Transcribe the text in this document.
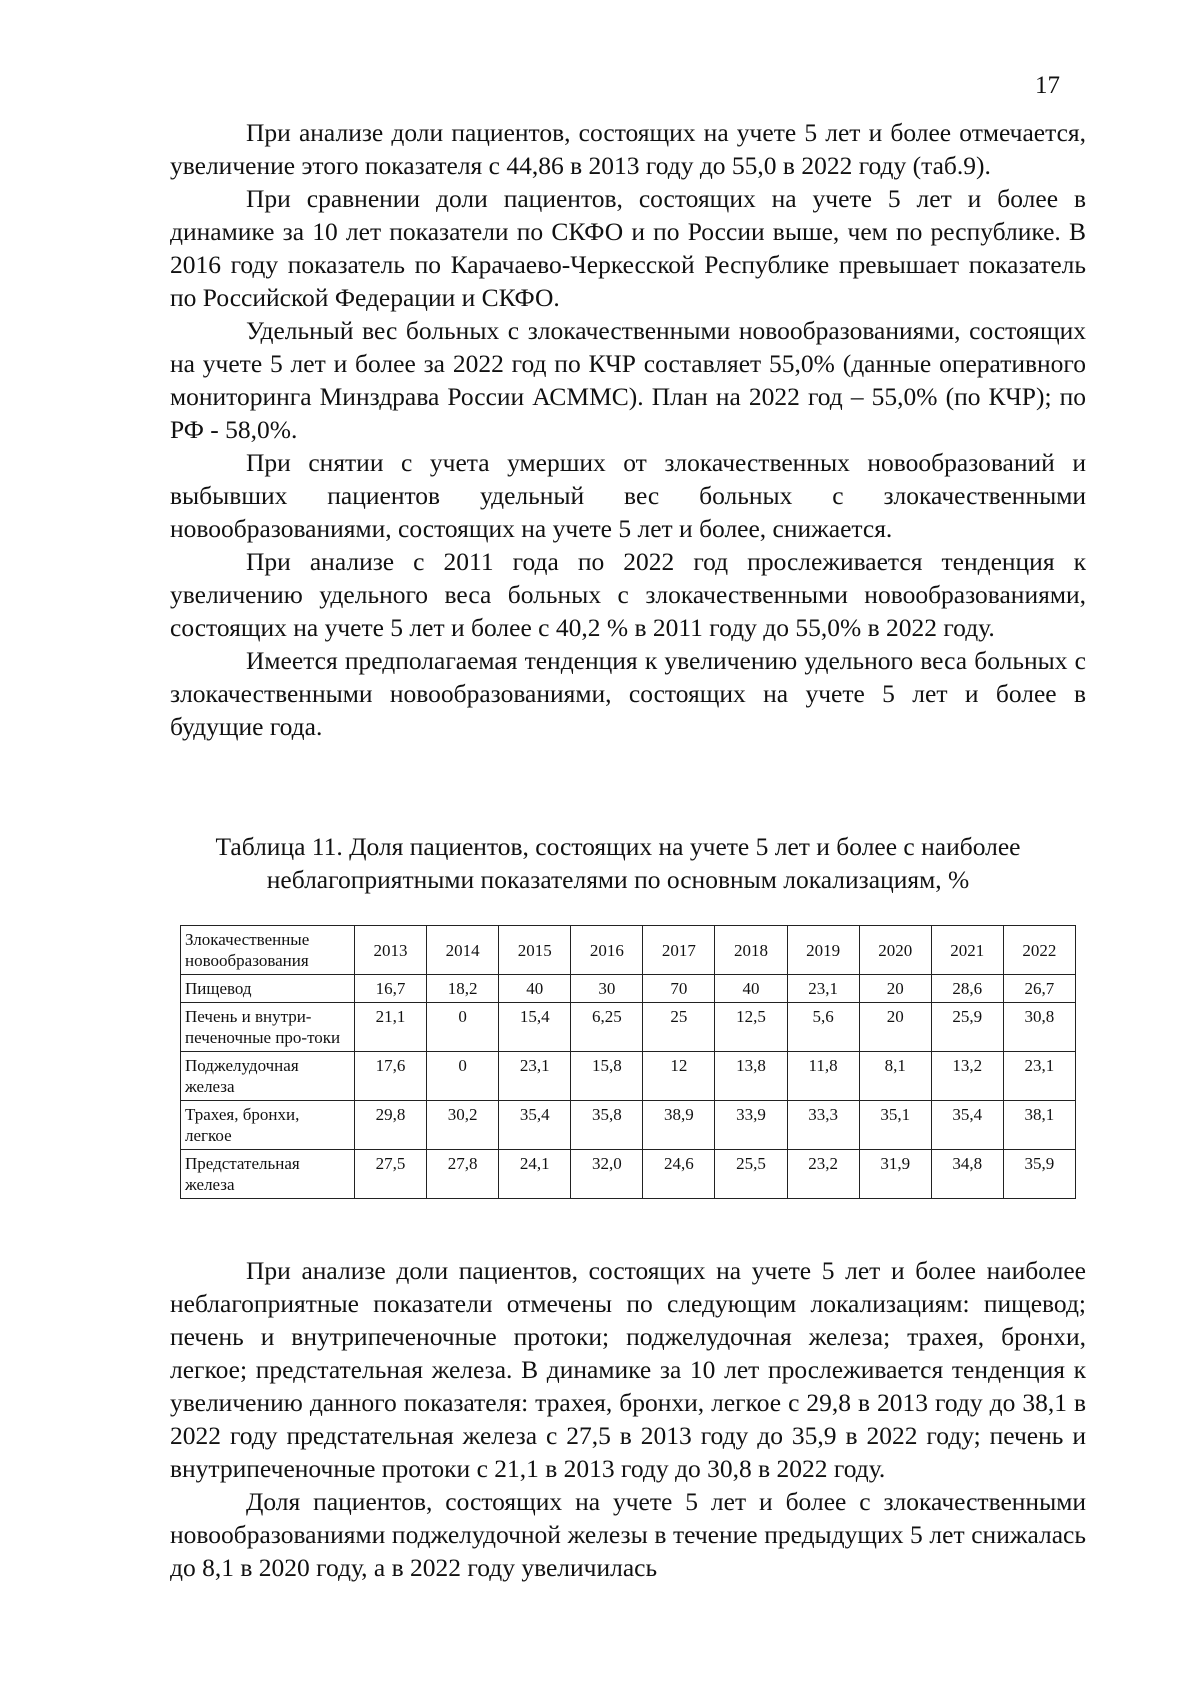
17

При анализе доли пациентов, состоящих на учете 5 лет и более отмечается, увеличение этого показателя с 44,86 в 2013 году до 55,0 в 2022 году (таб.9).

При сравнении доли пациентов, состоящих на учете 5 лет и более в динамике за 10 лет показатели по СКФО и по России выше, чем по республике. В 2016 году показатель по Карачаево-Черкесской Республике превышает показатель по Российской Федерации и СКФО.

Удельный вес больных с злокачественными новообразованиями, состоящих на учете 5 лет и более за 2022 год по КЧР составляет 55,0% (данные оперативного мониторинга Минздрава России АСММС). План на 2022 год – 55,0% (по КЧР); по РФ - 58,0%.

При снятии с учета умерших от злокачественных новообразований и выбывших пациентов удельный вес больных с злокачественными новообразованиями, состоящих на учете 5 лет и более, снижается.

При анализе с 2011 года по 2022 год прослеживается тенденция к увеличению удельного веса больных с злокачественными новообразованиями, состоящих на учете 5 лет и более с 40,2 % в 2011 году до 55,0% в 2022 году.

Имеется предполагаемая тенденция к увеличению удельного веса больных с злокачественными новообразованиями, состоящих на учете 5 лет и более в будущие года.

Таблица 11. Доля пациентов, состоящих на учете 5 лет и более с наиболее неблагоприятными показателями по основным локализациям, %
Злокачественные новообразования	2013	2014	2015	2016	2017	2018	2019	2020	2021	2022
Пищевод	16,7	18,2	40	30	70	40	23,1	20	28,6	26,7
Печень и внутри-печеночные про-токи	21,1	0	15,4	6,25	25	12,5	5,6	20	25,9	30,8
Поджелудочная железа	17,6	0	23,1	15,8	12	13,8	11,8	8,1	13,2	23,1
Трахея, бронхи, легкое	29,8	30,2	35,4	35,8	38,9	33,9	33,3	35,1	35,4	38,1
Предстательная железа	27,5	27,8	24,1	32,0	24,6	25,5	23,2	31,9	34,8	35,9

При анализе доли пациентов, состоящих на учете 5 лет и более наиболее неблагоприятные показатели отмечены по следующим локализациям: пищевод; печень и внутрипеченочные протоки; поджелудочная железа; трахея, бронхи, легкое; предстательная железа. В динамике за 10 лет прослеживается тенденция к увеличению данного показателя: трахея, бронхи, легкое с 29,8 в 2013 году до 38,1 в 2022 году предстательная железа с 27,5 в 2013 году до 35,9 в 2022 году; печень и внутрипеченочные протоки с 21,1 в 2013 году до 30,8 в 2022 году.

Доля пациентов, состоящих на учете 5 лет и более с злокачественными новообразованиями поджелудочной железы в течение предыдущих 5 лет снижалась до 8,1 в 2020 году, а в 2022 году увеличилась
